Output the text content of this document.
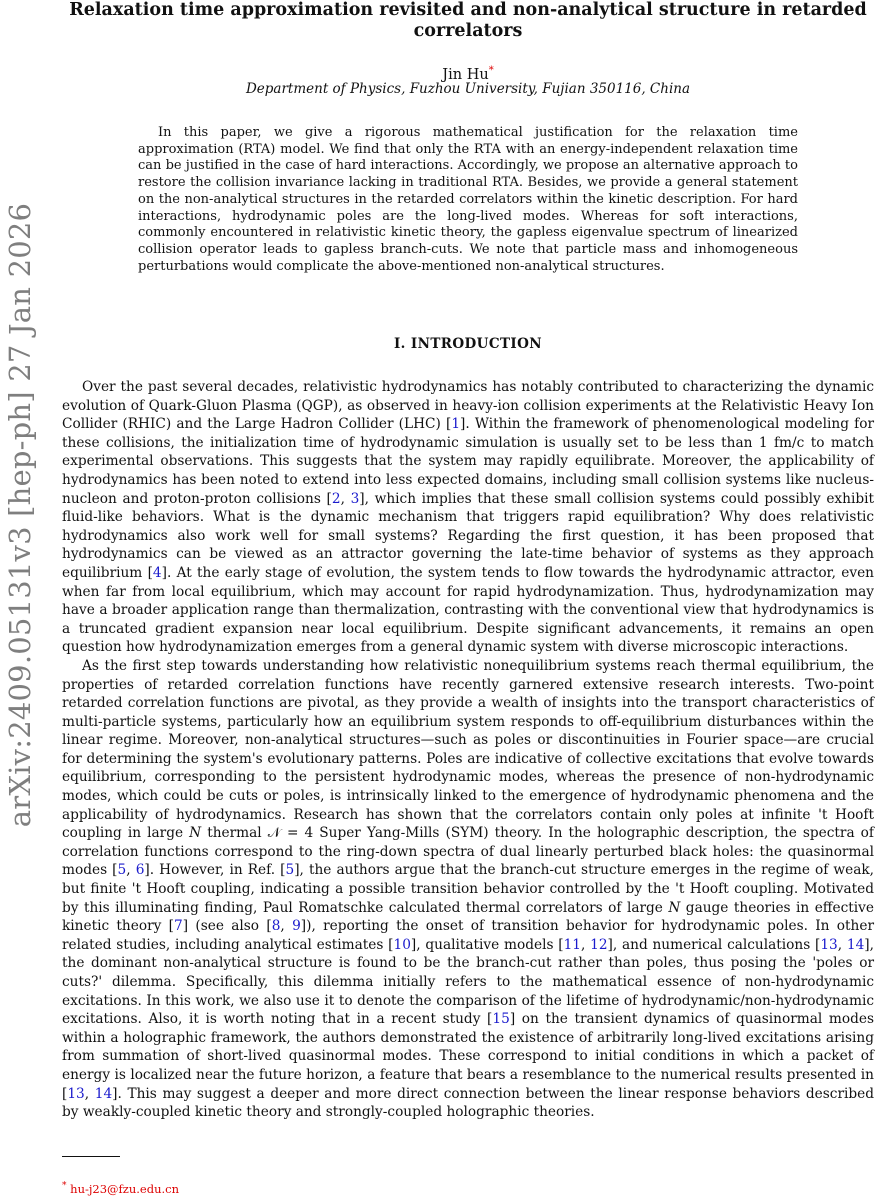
arXiv:2409.05131v3 [hep-ph] 27 Jan 2026
Relaxation time approximation revisited and non-analytical structure in retarded correlators
Jin Hu*
Department of Physics, Fuzhou University, Fujian 350116, China
In this paper, we give a rigorous mathematical justification for the relaxation time approximation (RTA) model. We find that only the RTA with an energy-independent relaxation time can be justified in the case of hard interactions. Accordingly, we propose an alternative approach to restore the collision invariance lacking in traditional RTA. Besides, we provide a general statement on the non-analytical structures in the retarded correlators within the kinetic description. For hard interactions, hydrodynamic poles are the long-lived modes. Whereas for soft interactions, commonly encountered in relativistic kinetic theory, the gapless eigenvalue spectrum of linearized collision operator leads to gapless branch-cuts. We note that particle mass and inhomogeneous perturbations would complicate the above-mentioned non-analytical structures.
I. INTRODUCTION

Over the past several decades, relativistic hydrodynamics has notably contributed to characterizing the dynamic evolution of Quark-Gluon Plasma (QGP), as observed in heavy-ion collision experiments at the Relativistic Heavy Ion Collider (RHIC) and the Large Hadron Collider (LHC) [1]. Within the framework of phenomenological modeling for these collisions, the initialization time of hydrodynamic simulation is usually set to be less than 1 fm/c to match experimental observations. This suggests that the system may rapidly equilibrate. Moreover, the applicability of hydrodynamics has been noted to extend into less expected domains, including small collision systems like nucleus-nucleon and proton-proton collisions [2, 3], which implies that these small collision systems could possibly exhibit fluid-like behaviors. What is the dynamic mechanism that triggers rapid equilibration? Why does relativistic hydrodynamics also work well for small systems? Regarding the first question, it has been proposed that hydrodynamics can be viewed as an attractor governing the late-time behavior of systems as they approach equilibrium [4]. At the early stage of evolution, the system tends to flow towards the hydrodynamic attractor, even when far from local equilibrium, which may account for rapid hydrodynamization. Thus, hydrodynamization may have a broader application range than thermalization, contrasting with the conventional view that hydrodynamics is a truncated gradient expansion near local equilibrium. Despite significant advancements, it remains an open question how hydrodynamization emerges from a general dynamic system with diverse microscopic interactions.

As the first step towards understanding how relativistic nonequilibrium systems reach thermal equilibrium, the properties of retarded correlation functions have recently garnered extensive research interests. Two-point retarded correlation functions are pivotal, as they provide a wealth of insights into the transport characteristics of multi-particle systems, particularly how an equilibrium system responds to off-equilibrium disturbances within the linear regime. Moreover, non-analytical structures—such as poles or discontinuities in Fourier space—are crucial for determining the system's evolutionary patterns. Poles are indicative of collective excitations that evolve towards equilibrium, corresponding to the persistent hydrodynamic modes, whereas the presence of non-hydrodynamic modes, which could be cuts or poles, is intrinsically linked to the emergence of hydrodynamic phenomena and the applicability of hydrodynamics. Research has shown that the correlators contain only poles at infinite 't Hooft coupling in large N thermal 𝒩 = 4 Super Yang-Mills (SYM) theory. In the holographic description, the spectra of correlation functions correspond to the ring-down spectra of dual linearly perturbed black holes: the quasinormal modes [5, 6]. However, in Ref. [5], the authors argue that the branch-cut structure emerges in the regime of weak, but finite 't Hooft coupling, indicating a possible transition behavior controlled by the 't Hooft coupling. Motivated by this illuminating finding, Paul Romatschke calculated thermal correlators of large N gauge theories in effective kinetic theory [7] (see also [8, 9]), reporting the onset of transition behavior for hydrodynamic poles. In other related studies, including analytical estimates [10], qualitative models [11, 12], and numerical calculations [13, 14], the dominant non-analytical structure is found to be the branch-cut rather than poles, thus posing the 'poles or cuts?' dilemma. Specifically, this dilemma initially refers to the mathematical essence of non-hydrodynamic excitations. In this work, we also use it to denote the comparison of the lifetime of hydrodynamic/non-hydrodynamic excitations. Also, it is worth noting that in a recent study [15] on the transient dynamics of quasinormal modes within a holographic framework, the authors demonstrated the existence of arbitrarily long-lived excitations arising from summation of short-lived quasinormal modes. These correspond to initial conditions in which a packet of energy is localized near the future horizon, a feature that bears a resemblance to the numerical results presented in [13, 14]. This may suggest a deeper and more direct connection between the linear response behaviors described by weakly-coupled kinetic theory and strongly-coupled holographic theories.

* hu-j23@fzu.edu.cn
